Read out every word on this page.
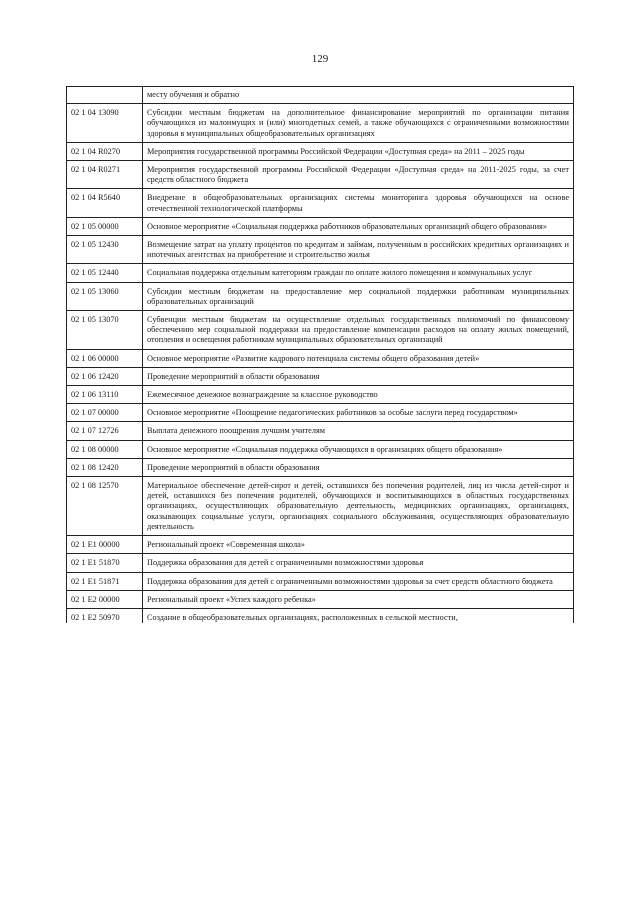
129
	месту обучения и обратно
02 1 04 13090	Субсидии местным бюджетам на дополнительное финансирование мероприятий по организации питания обучающихся из малоимущих и (или) многодетных семей, а также обучающихся с ограниченными возможностями здоровья в муниципальных общеобразовательных организациях
02 1 04 R0270	Мероприятия государственной программы Российской Федерации «Доступная среда» на 2011 – 2025 годы
02 1 04 R0271	Мероприятия государственной программы Российской Федерации «Доступная среда» на 2011-2025 годы, за счет средств областного бюджета
02 1 04 R5640	Внедрение в общеобразовательных организациях системы мониторинга здоровья обучающихся на основе отечественной технологической платформы
02 1 05 00000	Основное мероприятие «Социальная поддержка работников образовательных организаций общего образования»
02 1 05 12430	Возмещение затрат на уплату процентов по кредитам и займам, полученным в российских кредитных организациях и ипотечных агентствах на приобретение и строительство жилья
02 1 05 12440	Социальная поддержка отдельным категориям граждан по оплате жилого помещения и коммунальных услуг
02 1 05 13060	Субсидии местным бюджетам на предоставление мер социальной поддержки работникам муниципальных образовательных организаций
02 1 05 13070	Субвенции местным бюджетам на осуществление отдельных государственных полномочий по финансовому обеспечению мер социальной поддержки на предоставление компенсации расходов на оплату жилых помещений, отопления и освещения работникам муниципальных образовательных организаций
02 1 06 00000	Основное мероприятие «Развитие кадрового потенциала системы общего образования детей»
02 1 06 12420	Проведение мероприятий в области образования
02 1 06 13110	Ежемесячное денежное вознаграждение за классное руководство
02 1 07 00000	Основное мероприятие «Поощрение педагогических работников за особые заслуги перед государством»
02 1 07 12726	Выплата денежного поощрения лучшим учителям
02 1 08 00000	Основное мероприятие «Социальная поддержка обучающихся в организациях общего образования»
02 1 08 12420	Проведение мероприятий в области образования
02 1 08 12570	Материальное обеспечение детей-сирот и детей, оставшихся без попечения родителей, лиц из числа детей-сирот и детей, оставшихся без попечения родителей, обучающихся и воспитывающихся в областных государственных организациях, осуществляющих образовательную деятельность, медицинских организациях, организациях, оказывающих социальные услуги, организациях социального обслуживания, осуществляющих образовательную деятельность
02 1 E1 00000	Региональный проект «Современная школа»
02 1 E1 51870	Поддержка образования для детей с ограниченными возможностями здоровья
02 1 E1 51871	Поддержка образования для детей с ограниченными возможностями здоровья за счет средств областного бюджета
02 1 E2 00000	Региональный проект «Успех каждого ребенка»
02 1 E2 50970	Создание в общеобразовательных организациях, расположенных в сельской местности,
